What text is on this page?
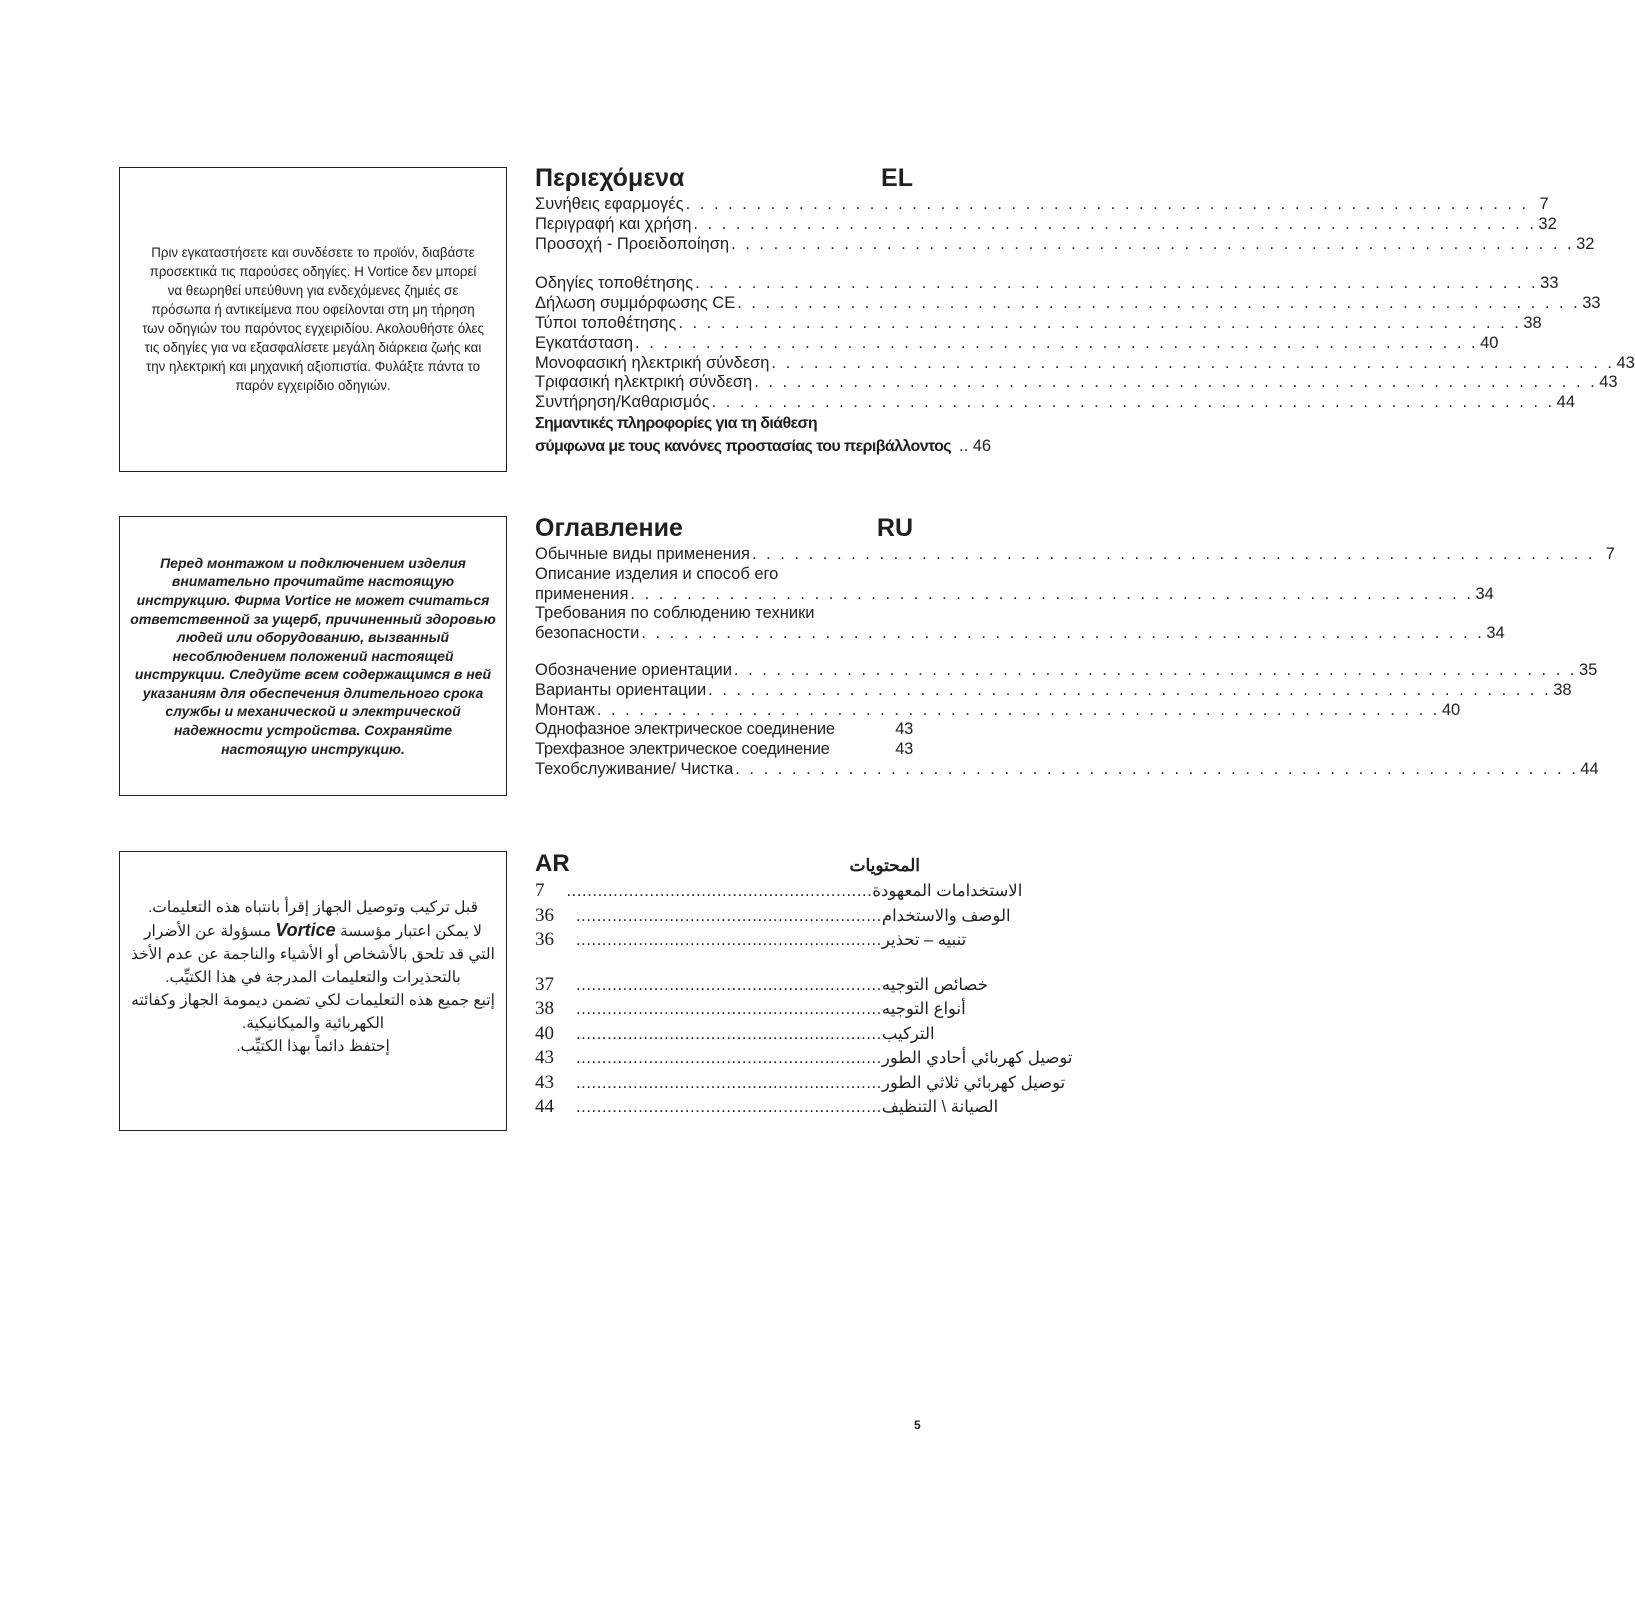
Πριν εγκαταστήσετε και συνδέσετε το προϊόν, διαβάστε προσεκτικά τις παρούσες οδηγίες. Η Vortice δεν μπορεί να θεωρηθεί υπεύθυνη για ενδεχόμενες ζημιές σε πρόσωπα ή αντικείμενα που οφείλονται στη μη τήρηση των οδηγιών του παρόντος εγχειριδίου. Ακολουθήστε όλες τις οδηγίες για να εξασφαλίσετε μεγάλη διάρκεια ζωής και την ηλεκτρική και μηχανική αξιοπιστία. Φυλάξτε πάντα το παρόν εγχειρίδιο οδηγιών.
Περιεχόμενα	EL
Συνήθεις εφαρμογές . . .	7
Περιγραφή και χρήση . . .	32
Προσοχή - Προειδοποίηση . . .	32
Οδηγίες τοποθέτησης . . .	33
Δήλωση συμμόρφωσης CE . . .	33
Τύποι τοποθέτησης . . .	38
Εγκατάσταση . . .	40
Μονοφασική ηλεκτρική σύνδεση . . .	43
Τριφασική ηλεκτρική σύνδεση . . .	43
Συντήρηση/Καθαρισμός . . .	44
Σημαντικές πληροφορίες για τη διάθεση
σύμφωνα με τους κανόνες προστασίας του περιβάλλοντος .. 46
Перед монтажом и подключением изделия внимательно прочитайте настоящую инструкцию. Фирма Vortice не может считаться ответственной за ущерб, причиненный здоровью людей или оборудованию, вызванный несоблюдением положений настоящей инструкции. Следуйте всем содержащимся в ней указаниям для обеспечения длительного срока службы и механической и электрической надежности устройства. Сохраняйте настоящую инструкцию.
Оглавление	RU
Обычные виды применения . . .	7
Описание изделия и способ его
применения . . .	34
Требования по соблюдению техники
безопасности . . .	34
Обозначение ориентации . . .	35
Варианты ориентации . . .	38
Монтаж . . .	40
Однофазное электрическое соединение	43
Трехфазное электрическое соединение	43
Техобслуживание/ Чистка . . .	44
قبل تركيب وتوصيل الجهاز إقرأ بانتباه هذه التعليمات.
لا يمكن اعتبار مؤسسة Vortice مسؤولة عن الأضرار التي قد تلحق بالأشخاص أو الأشياء والناجمة عن عدم الأخذ بالتحذيرات والتعليمات المدرجة في هذا الكتيِّب.
إتبع جميع هذه التعليمات لكي تضمن ديمومة الجهاز وكفائته الكهربائية والميكانيكية.
إحتفظ دائماً بهذا الكتيِّب.
AR	المحتويات
7 .....	الاستخدامات المعهودة
36 .....	الوصف والاستخدام
36 .....	تنبيه – تحذير
37 .....	خصائص التوجيه
38 .....	أنواع التوجيه
40 .....	التركيب
43 .....	توصيل كهربائي أحادي الطور
43 .....	توصيل كهربائي ثلاثي الطور
44 .....	الصيانة \ التنظيف
5
